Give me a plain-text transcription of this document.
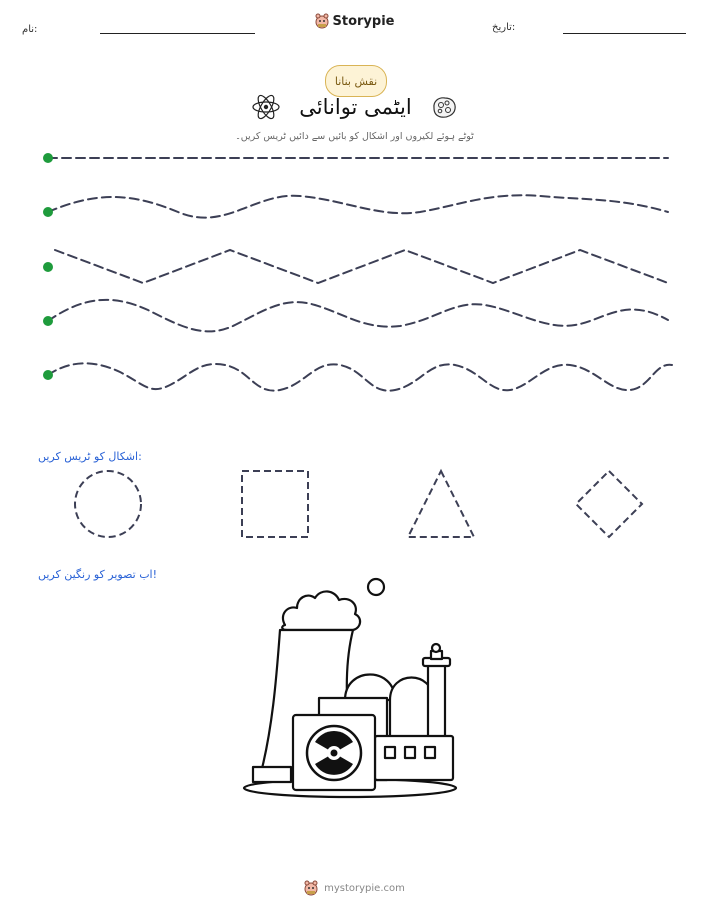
نام:	تاریخ:
Storypie
نقش بنانا
ایٹمی توانائی
ٹوٹے ہوئے لکیروں اور اشکال کو بائیں سے دائیں ٹریس کریں۔
اشکال کو ٹریس کریں:
اب تصویر کو رنگین کریں!
mystorypie.com
